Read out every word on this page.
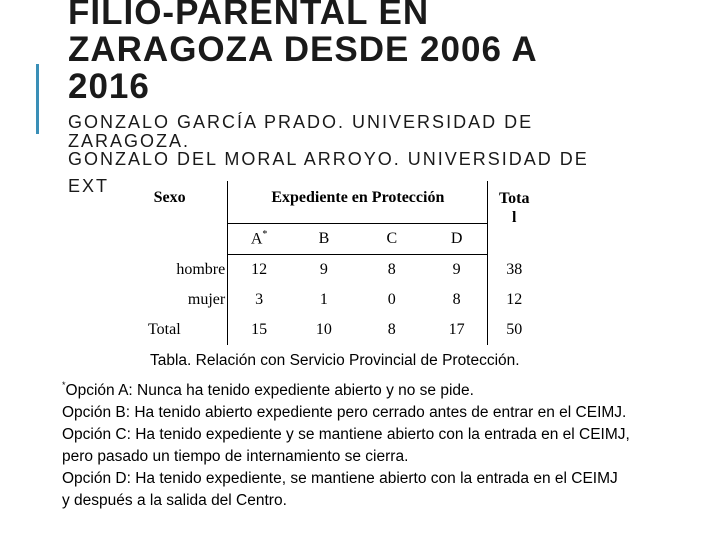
FILIO-PARENTAL EN
ZARAGOZA DESDE 2006 A
2016
GONZALO GARCÍA PRADO. UNIVERSIDAD DE
ZARAGOZA.
GONZALO DEL MORAL ARROYO. UNIVERSIDAD DE
EXT
Sexo	Expediente en Protección				Tota
l
	A*	B	C	D	
hombre	12	9	8	9	38
mujer	3	1	0	8	12
Total	15	10	8	17	50
Tabla. Relación con Servicio Provincial de Protección.

*Opción A: Nunca ha tenido expediente abierto y no se pide.

Opción B: Ha tenido abierto expediente pero cerrado antes de entrar en el CEIMJ.

Opción C: Ha tenido expediente y se mantiene abierto con la entrada en el CEIMJ,

pero pasado un tiempo de internamiento se cierra.

Opción D: Ha tenido expediente, se mantiene abierto con la entrada en el CEIMJ

y después a la salida del Centro.
